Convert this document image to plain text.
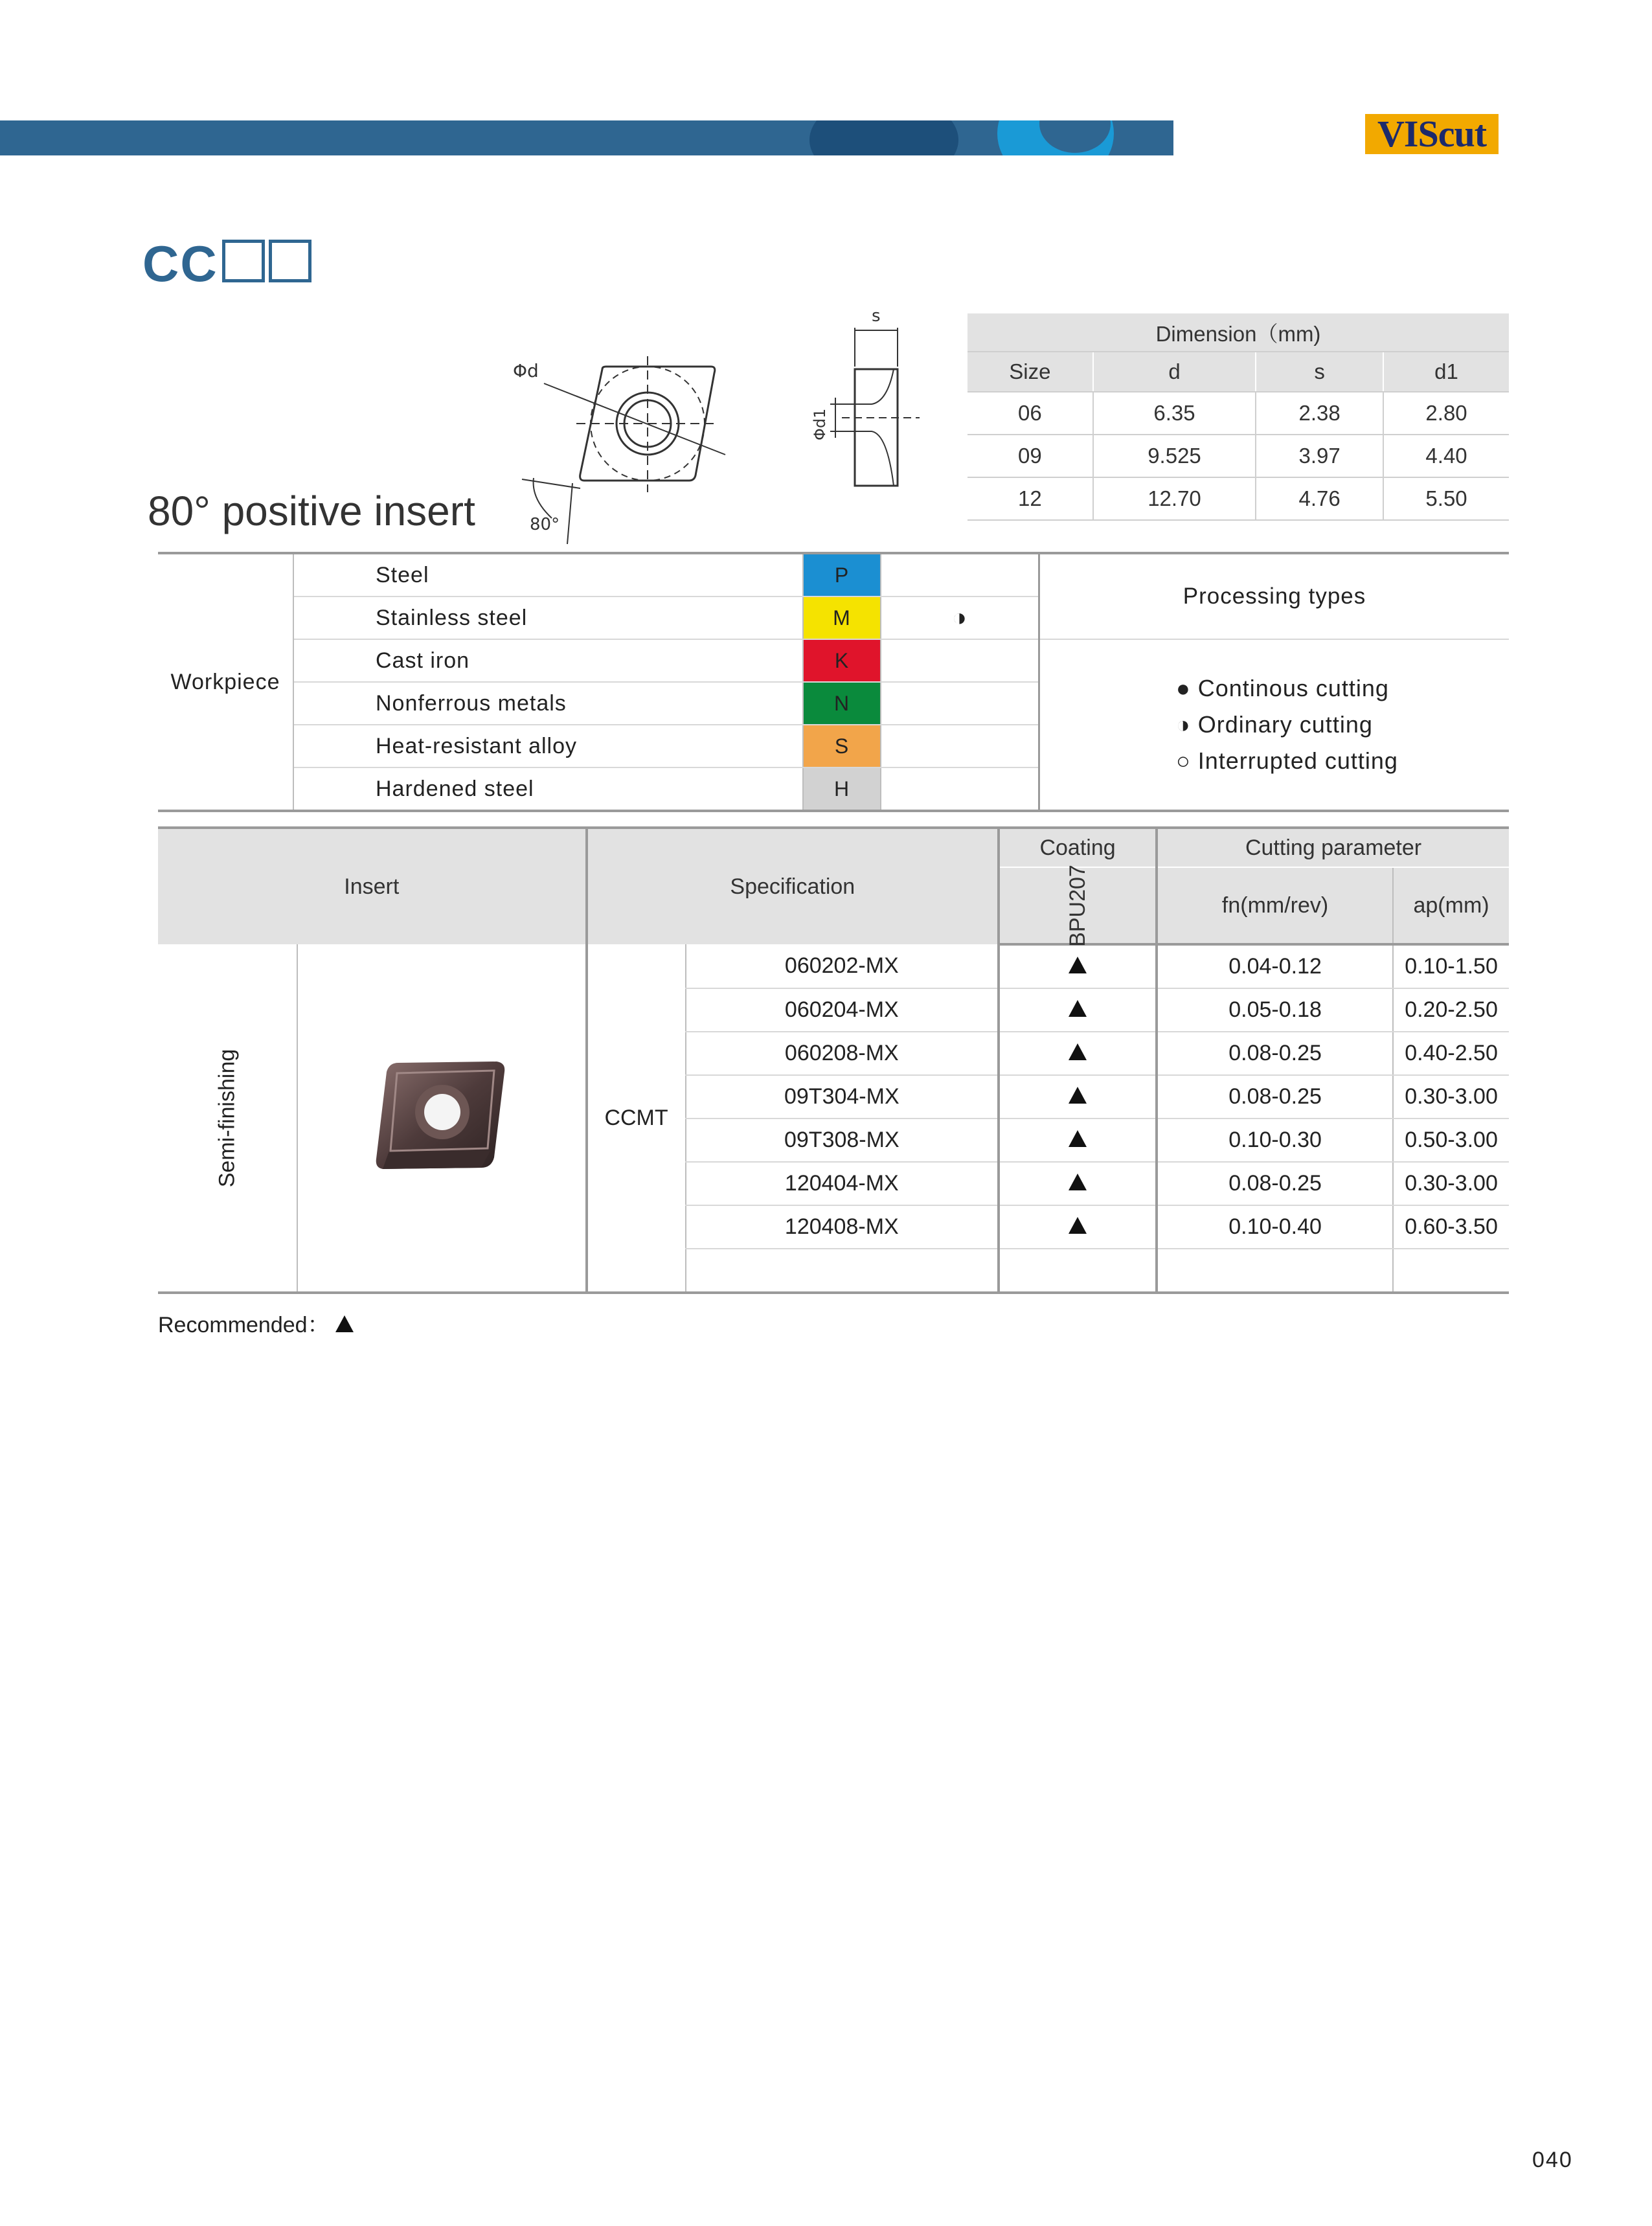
VIScut
CC
80° positive insert
Φd
80°
s
Φd1
Dimension（mm)			
Size	d	s	d1
06	6.35	2.38	2.80
09	9.525	3.97	4.40
12	12.70	4.76	5.50
Workpiece	Steel	P		Processing types
	Stainless steel	M	◑	
	Cast iron	K		● Continous cutting
◑ Ordinary cutting
○ Interrupted cutting

	Nonferrous metals	N		
	Heat-resistant alloy	S		
	Hardened steel	H		
Insert		Specification		Coating	Cutting parameter	
				BPU207	fn(mm/rev)	ap(mm)
Semi-finishing		CCMT	060202-MX		0.04-0.12	0.10-1.50
			060204-MX		0.05-0.18	0.20-2.50
			060208-MX		0.08-0.25	0.40-2.50
			09T304-MX		0.08-0.25	0.30-3.00
			09T308-MX		0.10-0.30	0.50-3.00
			120404-MX		0.08-0.25	0.30-3.00
			120408-MX		0.10-0.40	0.60-3.50

Recommended：
040
